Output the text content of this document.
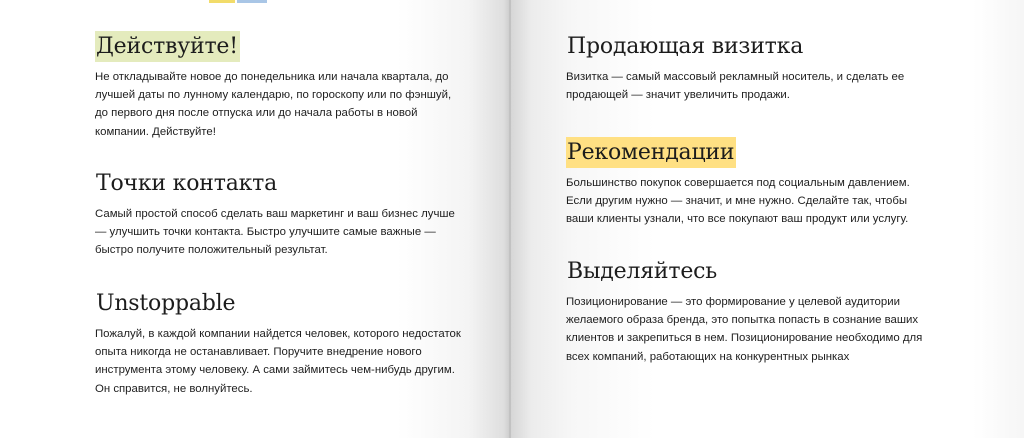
Действуйте!

Не откладывайте новое до понедельника или начала квартала, до
лучшей даты по лунному календарю, по гороскопу или по фэншуй,
до первого дня после отпуска или до начала работы в новой
компании. Действуйте!

Точки контакта

Самый простой способ сделать ваш маркетинг и ваш бизнес лучше
— улучшить точки контакта. Быстро улучшите самые важные —
быстро получите положительный результат.

Unstoppable

Пожалуй, в каждой компании найдется человек, которого недостаток
опыта никогда не останавливает. Поручите внедрение нового
инструмента этому человеку. А сами займитесь чем-нибудь другим.
Он справится, не волнуйтесь.

Продающая визитка

Визитка — самый массовый рекламный носитель, и сделать ее
продающей — значит увеличить продажи.

Рекомендации

Большинство покупок совершается под социальным давлением.
Если другим нужно — значит, и мне нужно. Сделайте так, чтобы
ваши клиенты узнали, что все покупают ваш продукт или услугу.

Выделяйтесь

Позиционирование — это формирование у целевой аудитории
желаемого образа бренда, это попытка попасть в сознание ваших
клиентов и закрепиться в нем. Позиционирование необходимо для
всех компаний, работающих на конкурентных рынках
